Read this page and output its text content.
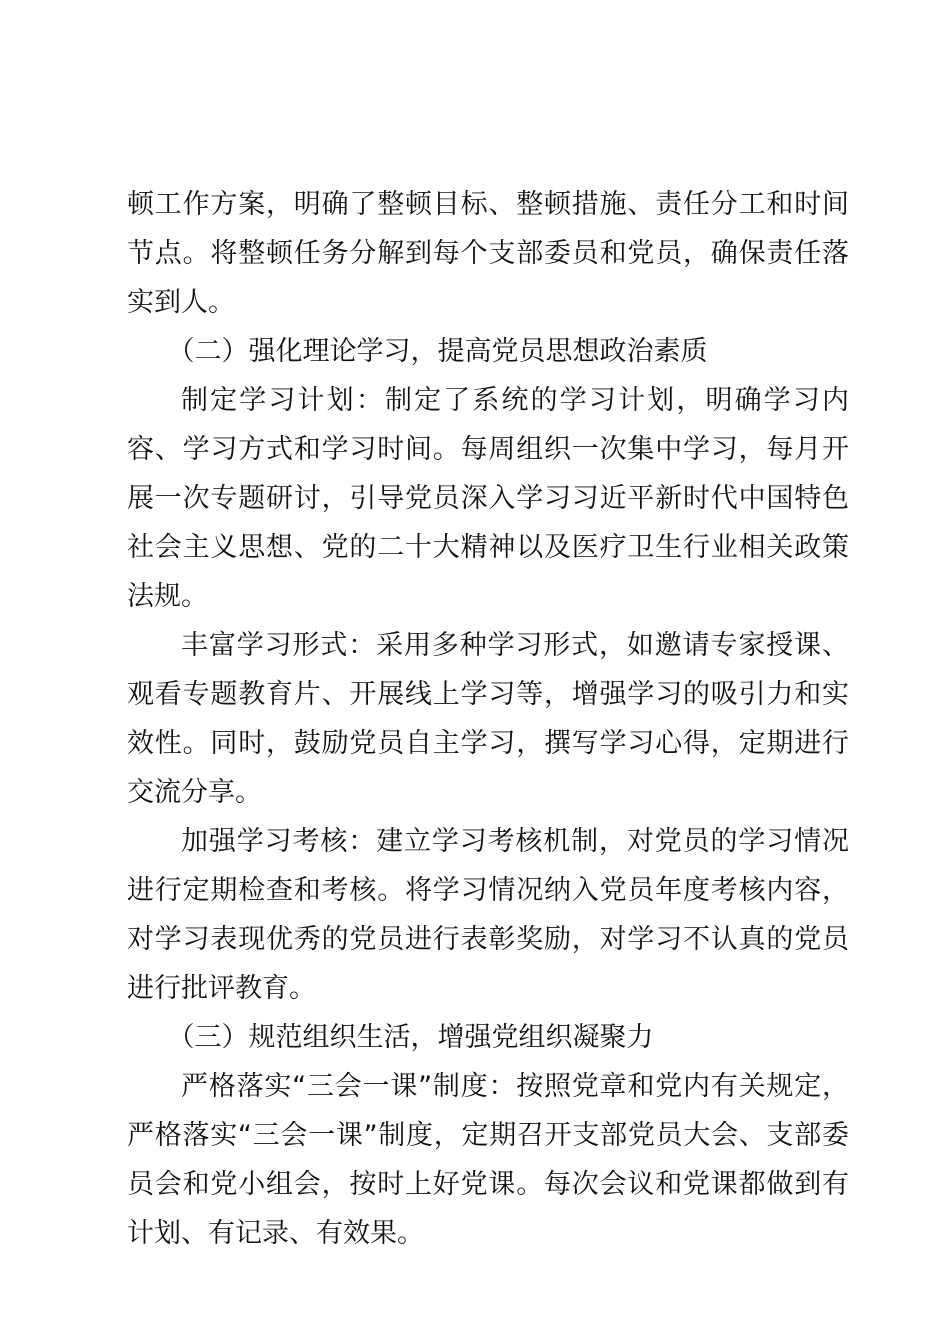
顿工作方案，明确了整顿目标、整顿措施、责任分工和时间节点。将整顿任务分解到每个支部委员和党员，确保责任落实到人。

（二）强化理论学习，提高党员思想政治素质

制定学习计划：制定了系统的学习计划，明确学习内容、学习方式和学习时间。每周组织一次集中学习，每月开展一次专题研讨，引导党员深入学习习近平新时代中国特色社会主义思想、党的二十大精神以及医疗卫生行业相关政策法规。

丰富学习形式：采用多种学习形式，如邀请专家授课、观看专题教育片、开展线上学习等，增强学习的吸引力和实效性。同时，鼓励党员自主学习，撰写学习心得，定期进行交流分享。

加强学习考核：建立学习考核机制，对党员的学习情况进行定期检查和考核。将学习情况纳入党员年度考核内容，对学习表现优秀的党员进行表彰奖励，对学习不认真的党员进行批评教育。

（三）规范组织生活，增强党组织凝聚力

严格落实“三会一课”制度：按照党章和党内有关规定，严格落实“三会一课”制度，定期召开支部党员大会、支部委员会和党小组会，按时上好党课。每次会议和党课都做到有计划、有记录、有效果。
